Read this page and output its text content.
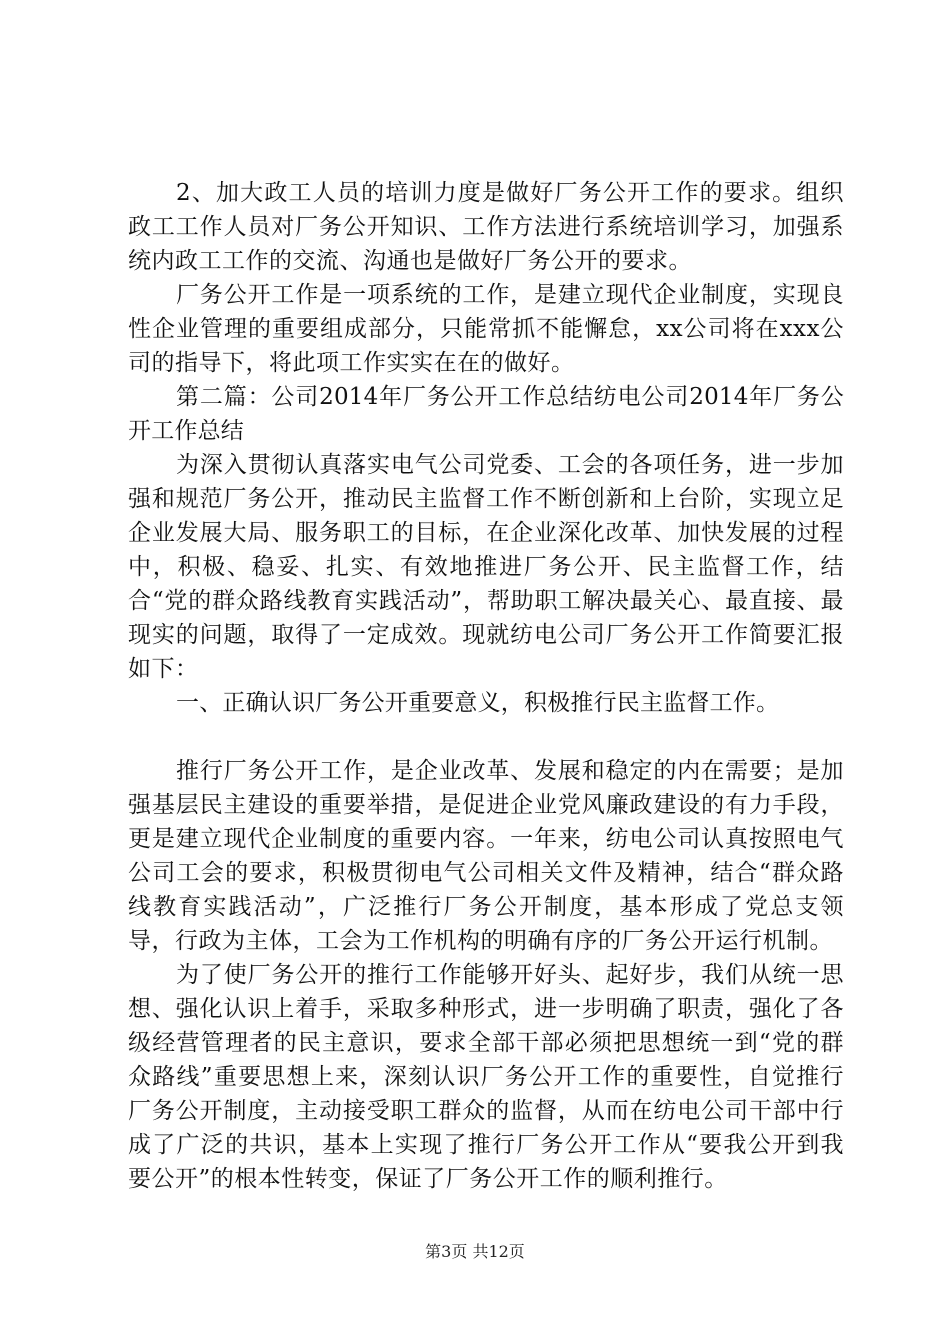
2、加大政工人员的培训力度是做好厂务公开工作的要求。组织政工工作人员对厂务公开知识、工作方法进行系统培训学习，加强系统内政工工作的交流、沟通也是做好厂务公开的要求。

厂务公开工作是一项系统的工作，是建立现代企业制度，实现良性企业管理的重要组成部分，只能常抓不能懈怠，xx公司将在xxx公司的指导下，将此项工作实实在在的做好。

第二篇：公司2014年厂务公开工作总结纺电公司2014年厂务公开工作总结

为深入贯彻认真落实电气公司党委、工会的各项任务，进一步加强和规范厂务公开，推动民主监督工作不断创新和上台阶，实现立足企业发展大局、服务职工的目标，在企业深化改革、加快发展的过程中，积极、稳妥、扎实、有效地推进厂务公开、民主监督工作，结合“党的群众路线教育实践活动”，帮助职工解决最关心、最直接、最现实的问题，取得了一定成效。现就纺电公司厂务公开工作简要汇报如下：

一、正确认识厂务公开重要意义，积极推行民主监督工作。

推行厂务公开工作，是企业改革、发展和稳定的内在需要；是加强基层民主建设的重要举措，是促进企业党风廉政建设的有力手段，更是建立现代企业制度的重要内容。一年来，纺电公司认真按照电气公司工会的要求，积极贯彻电气公司相关文件及精神，结合“群众路线教育实践活动”，广泛推行厂务公开制度，基本形成了党总支领导，行政为主体，工会为工作机构的明确有序的厂务公开运行机制。

为了使厂务公开的推行工作能够开好头、起好步，我们从统一思想、强化认识上着手，采取多种形式，进一步明确了职责，强化了各级经营管理者的民主意识，要求全部干部必须把思想统一到“党的群众路线”重要思想上来，深刻认识厂务公开工作的重要性，自觉推行厂务公开制度，主动接受职工群众的监督，从而在纺电公司干部中行成了广泛的共识，基本上实现了推行厂务公开工作从“要我公开到我要公开”的根本性转变，保证了厂务公开工作的顺利推行。

第3页 共12页
